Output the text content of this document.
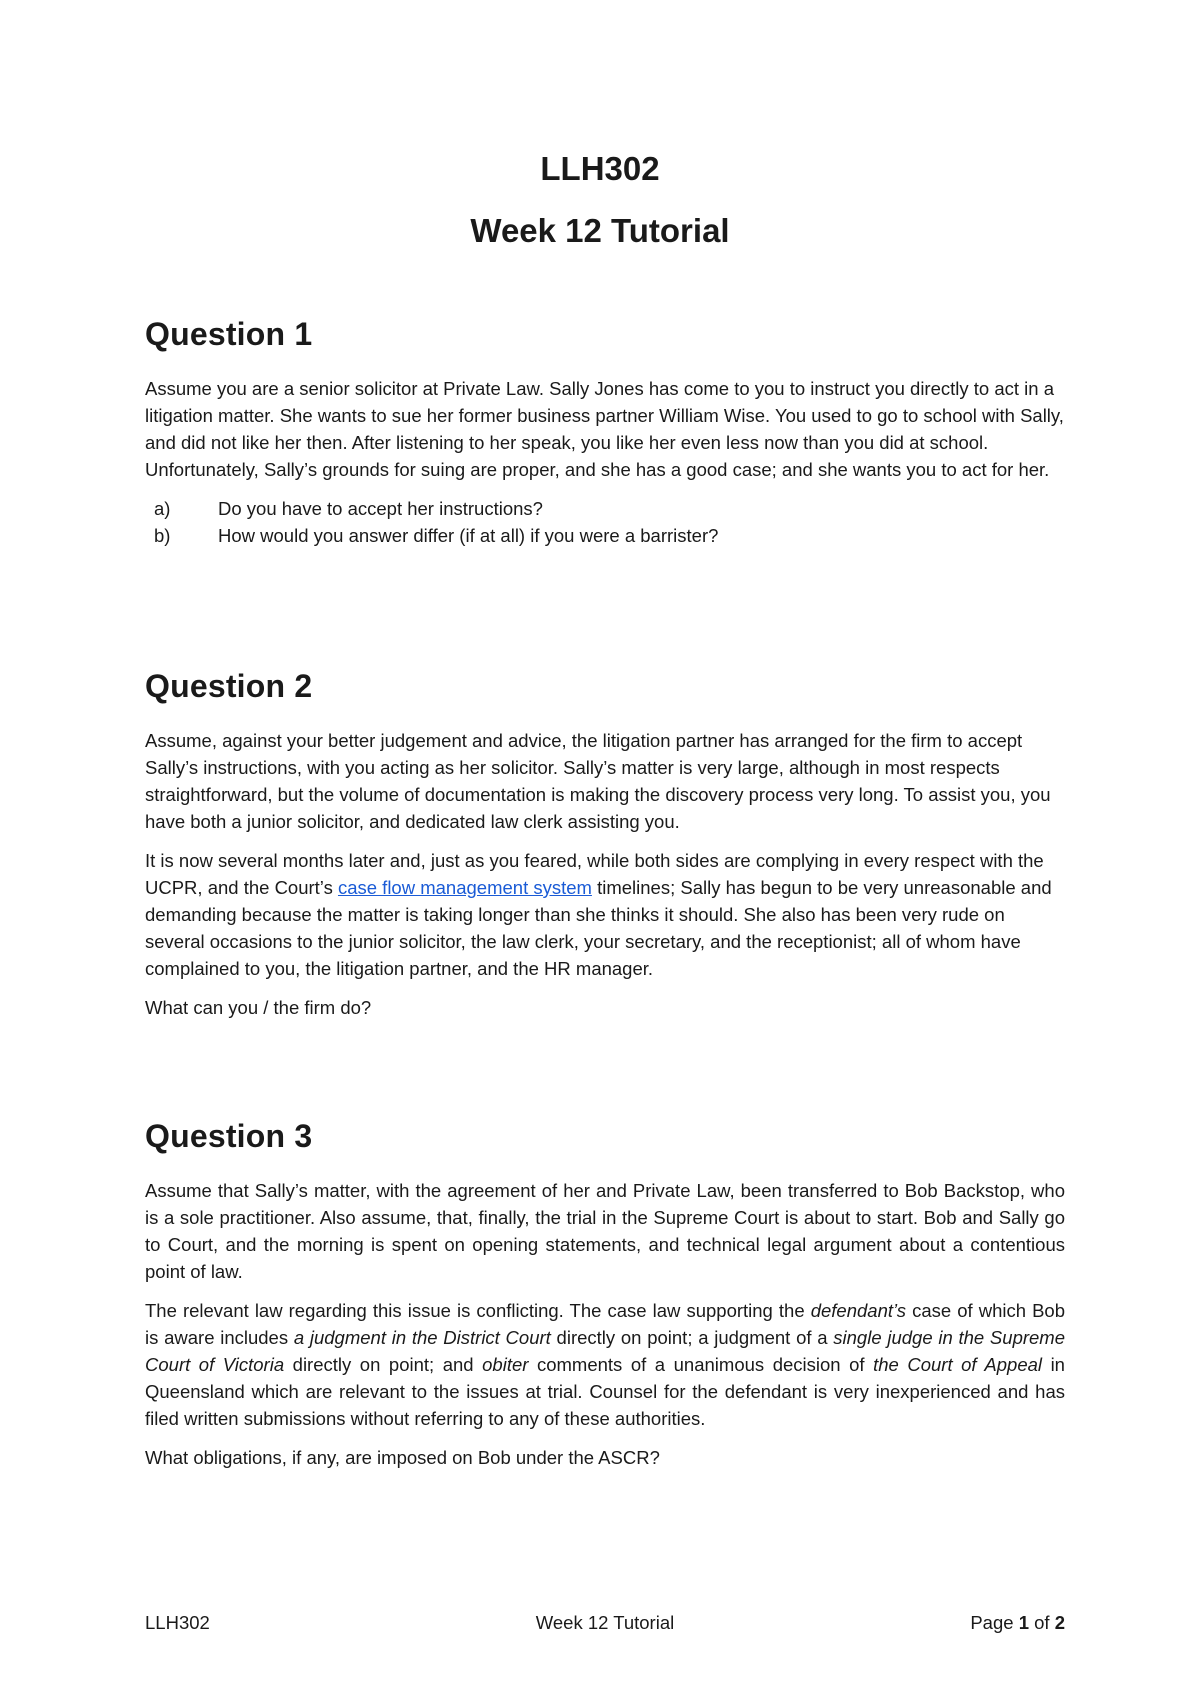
LLH302
Week 12 Tutorial
Question 1

Assume you are a senior solicitor at Private Law. Sally Jones has come to you to instruct you directly to act in a litigation matter. She wants to sue her former business partner William Wise. You used to go to school with Sally, and did not like her then. After listening to her speak, you like her even less now than you did at school. Unfortunately, Sally’s grounds for suing are proper, and she has a good case; and she wants you to act for her.

a)	Do you have to accept her instructions?
b)	How would you answer differ (if at all) if you were a barrister?
Question 2

Assume, against your better judgement and advice, the litigation partner has arranged for the firm to accept Sally’s instructions, with you acting as her solicitor. Sally’s matter is very large, although in most respects straightforward, but the volume of documentation is making the discovery process very long. To assist you, you have both a junior solicitor, and dedicated law clerk assisting you.

It is now several months later and, just as you feared, while both sides are complying in every respect with the UCPR, and the Court’s case flow management system timelines; Sally has begun to be very unreasonable and demanding because the matter is taking longer than she thinks it should. She also has been very rude on several occasions to the junior solicitor, the law clerk, your secretary, and the receptionist; all of whom have complained to you, the litigation partner, and the HR manager.

What can you / the firm do?

Question 3

Assume that Sally’s matter, with the agreement of her and Private Law, been transferred to Bob Backstop, who is a sole practitioner. Also assume, that, finally, the trial in the Supreme Court is about to start. Bob and Sally go to Court, and the morning is spent on opening statements, and technical legal argument about a contentious point of law.

The relevant law regarding this issue is conflicting. The case law supporting the defendant’s case of which Bob is aware includes a judgment in the District Court directly on point; a judgment of a single judge in the Supreme Court of Victoria directly on point; and obiter comments of a unanimous decision of the Court of Appeal in Queensland which are relevant to the issues at trial. Counsel for the defendant is very inexperienced and has filed written submissions without referring to any of these authorities.

What obligations, if any, are imposed on Bob under the ASCR?

LLH302	Week 12 Tutorial	Page 1 of 2
